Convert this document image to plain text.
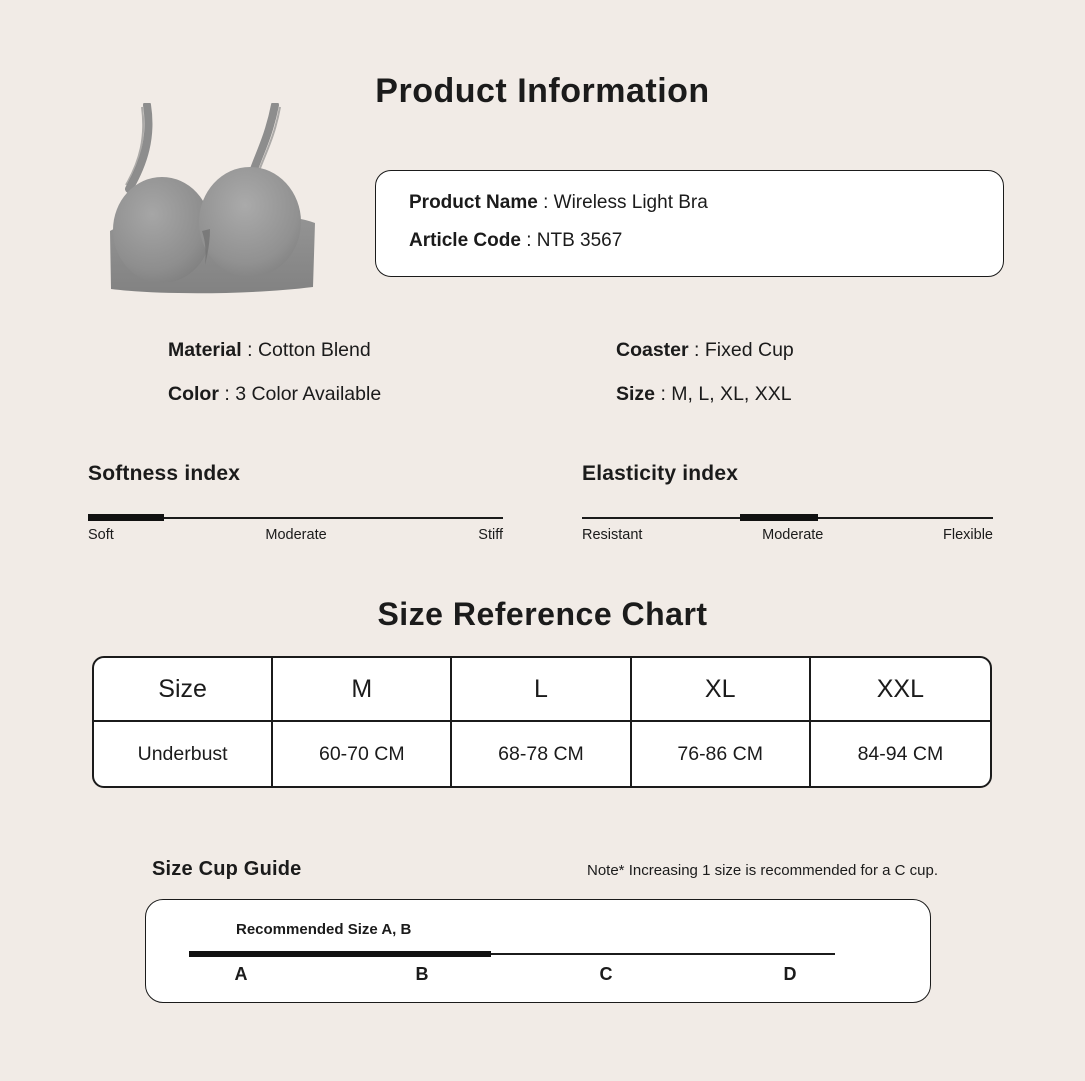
Product Information
Product Name : Wireless Light Bra
Article Code : NTB 3567
Material : Cotton Blend
Color : 3 Color Available
Coaster : Fixed Cup
Size : M, L, XL, XXL
Softness index
Soft	Moderate	Stiff
Elasticity index
Resistant	Moderate	Flexible
Size Reference Chart
Size	M	L	XL	XXL
Underbust	60-70 CM	68-78 CM	76-86 CM	84-94 CM
Size Cup Guide	Note* Increasing 1 size is recommended for a C cup.
Recommended Size A, B
A	B	C	D
